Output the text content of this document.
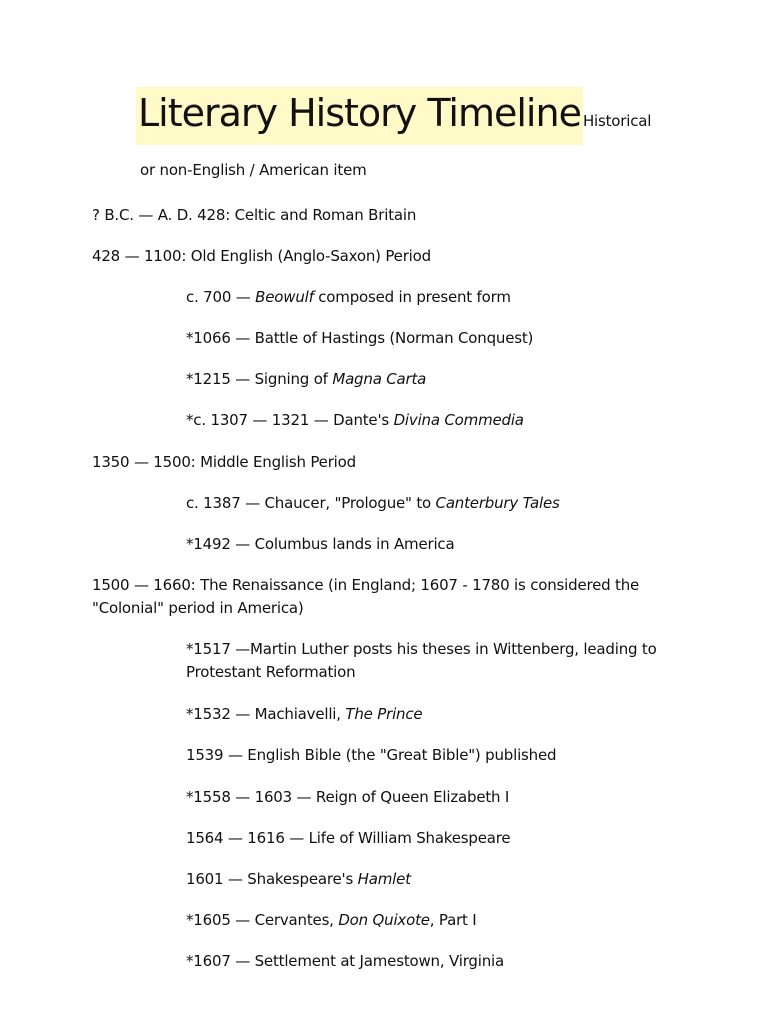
Literary History Timeline Historical
or non-English / American item
? B.C. — A. D. 428: Celtic and Roman Britain
428 — 1100: Old English (Anglo-Saxon) Period
c. 700 — Beowulf composed in present form
*1066 — Battle of Hastings (Norman Conquest)
*1215 — Signing of Magna Carta
*c. 1307 — 1321 — Dante's Divina Commedia
1350 — 1500: Middle English Period
c. 1387 — Chaucer, "Prologue" to Canterbury Tales
*1492 — Columbus lands in America
1500 — 1660: The Renaissance (in England; 1607 - 1780 is considered the "Colonial" period in America)
*1517 —Martin Luther posts his theses in Wittenberg, leading to Protestant Reformation
*1532 — Machiavelli, The Prince
1539 — English Bible (the "Great Bible") published
*1558 — 1603 — Reign of Queen Elizabeth I
1564 — 1616 — Life of William Shakespeare
1601 — Shakespeare's Hamlet
*1605 — Cervantes, Don Quixote, Part I
*1607 — Settlement at Jamestown, Virginia
